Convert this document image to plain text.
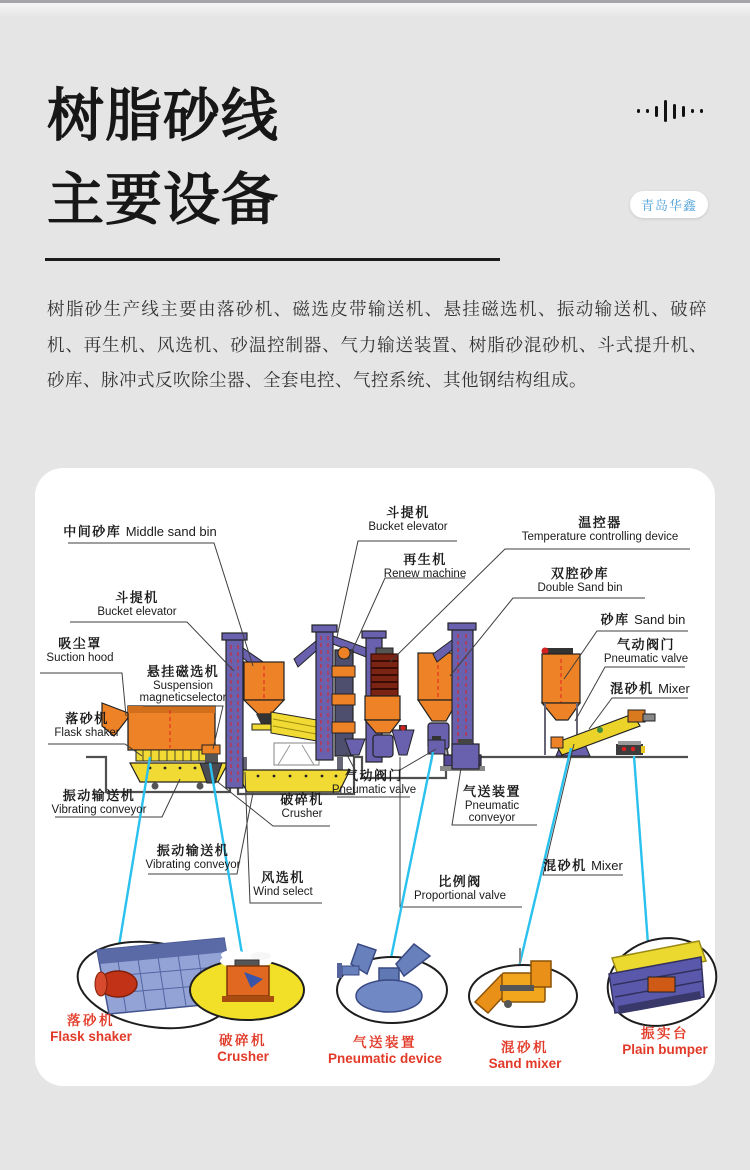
树脂砂线
主要设备	青岛华鑫

树脂砂生产线主要由落砂机、磁选皮带输送机、悬挂磁选机、振动输送机、破碎机、再生机、风选机、砂温控制器、气力输送装置、树脂砂混砂机、斗式提升机、砂库、脉冲式反吹除尘器、全套电控、气控系统、其他钢结构组成。

中间砂库 Middle sand bin
斗提机
Bucket elevator	温控器
Temperature controlling device
再生机
Renew machine	双腔砂库
Double Sand bin
斗提机
Bucket elevator
砂库 Sand bin
吸尘罩
Suction hood
气动阀门
Pneumatic valve
悬挂磁选机
Suspension magneticselector
混砂机 Mixer
落砂机
Flask shaker
振动输送机
Vibrating conveyor
破碎机
Crusher
气动阀门
Pneumatic valve	气送装置
Pneumatic conveyor
振动输送机
Vibrating conveyor
风选机
Wind select
比例阀
Proportional valve
混砂机 Mixer
落砂机
Flask shaker	破碎机
Crusher
气送装置
Pneumatic device
混砂机
Sand mixer
振实台
Plain bumper
